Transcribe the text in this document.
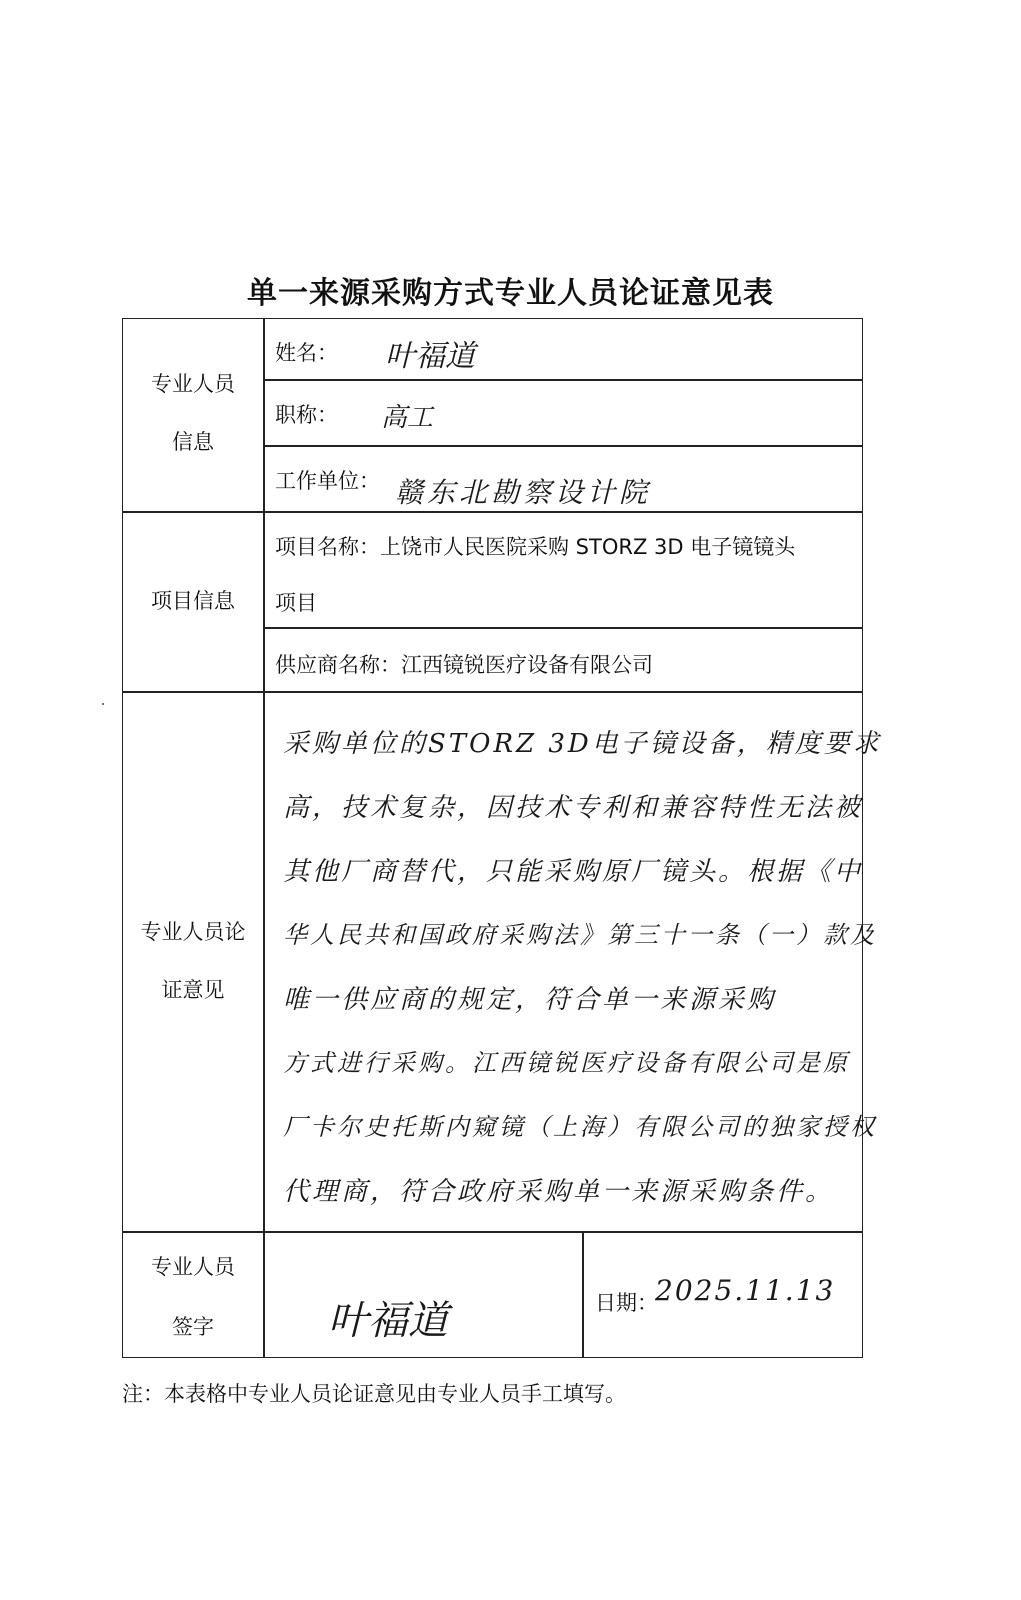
单一来源采购方式专业人员论证意见表
专业人员
信息
姓名： 叶福道
职称： 高工
工作单位： 赣东北勘察设计院
项目信息
项目名称：上饶市人民医院采购 STORZ 3D 电子镜镜头
项目
供应商名称：江西镜锐医疗设备有限公司
专业人员论
证意见
采购单位的STORZ 3D电子镜设备，精度要求
高，技术复杂，因技术专利和兼容特性无法被
其他厂商替代，只能采购原厂镜头。根据《中
华人民共和国政府采购法》第三十一条（一）款及
唯一供应商的规定，符合单一来源采购
方式进行采购。江西镜锐医疗设备有限公司是原
厂卡尔史托斯内窥镜（上海）有限公司的独家授权
代理商，符合政府采购单一来源采购条件。
专业人员
签字	叶福道	日期：
2025.11.13
注：本表格中专业人员论证意见由专业人员手工填写。
